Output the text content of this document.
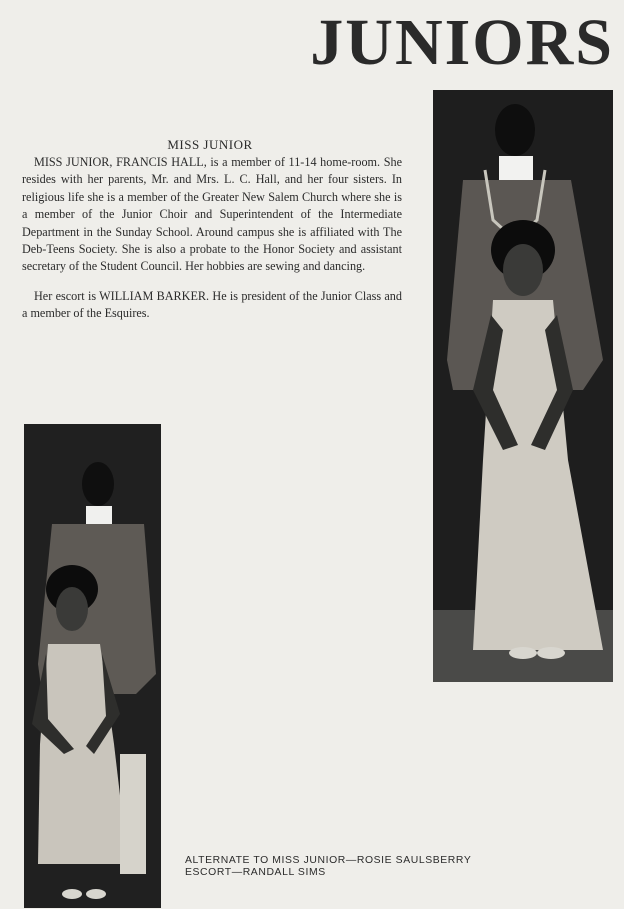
JUNIORS
MISS JUNIOR

MISS JUNIOR, FRANCIS HALL, is a member of 11-14 home-room. She resides with her parents, Mr. and Mrs. L. C. Hall, and her four sisters. In religious life she is a member of the Greater New Salem Church where she is a member of the Junior Choir and Superintendent of the Intermediate Department in the Sunday School. Around campus she is affiliated with The Deb-Teens Society. She is also a probate to the Honor Society and assistant secretary of the Student Council. Her hobbies are sewing and dancing.

Her escort is WILLIAM BARKER. He is president of the Junior Class and a member of the Esquires.

ALTERNATE TO MISS JUNIOR—ROSIE SAULSBERRY
ESCORT—RANDALL SIMS
